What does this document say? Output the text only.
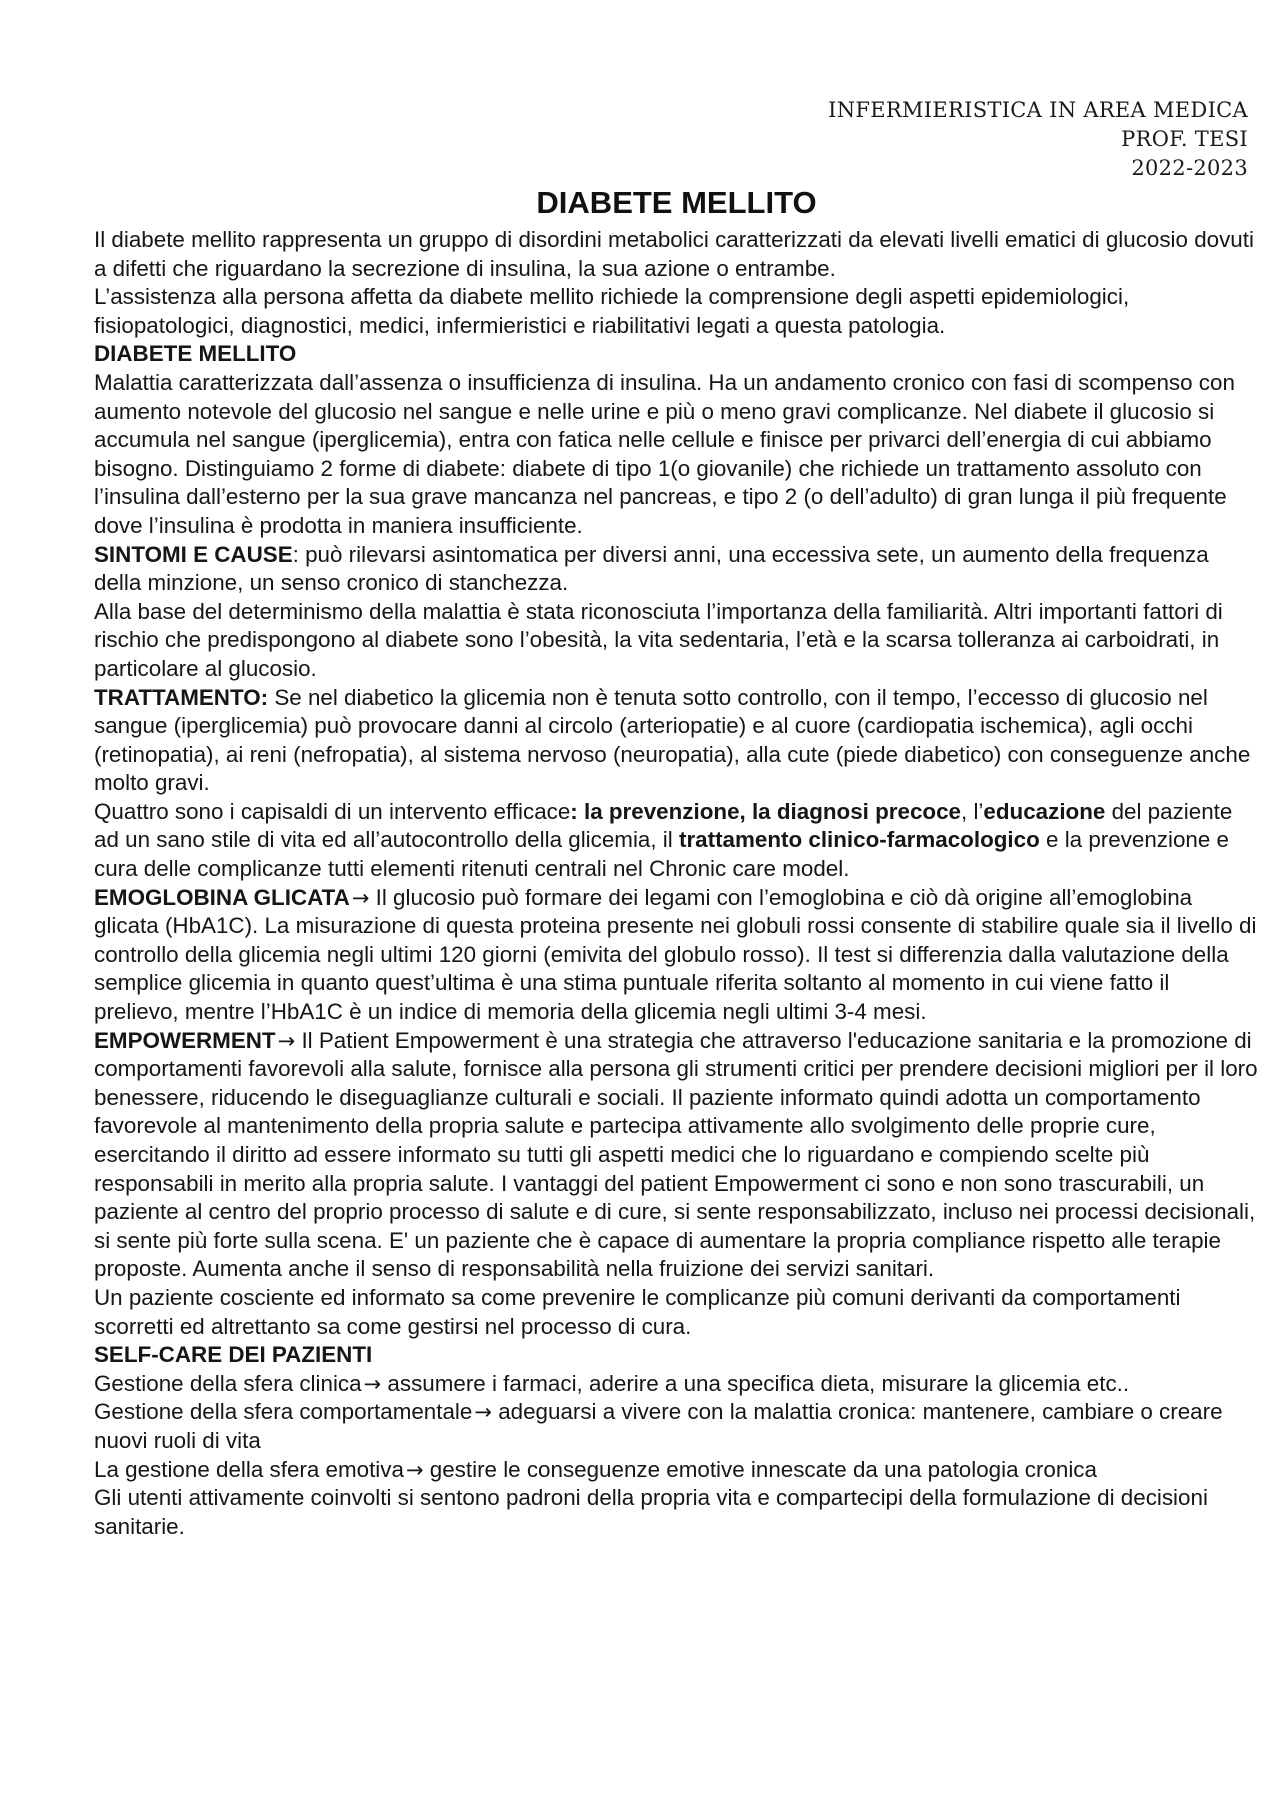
INFERMIERISTICA IN AREA MEDICA
PROF. TESI
2022-2023
DIABETE MELLITO

Il diabete mellito rappresenta un gruppo di disordini metabolici caratterizzati da elevati livelli ematici di glucosio dovuti a difetti che riguardano la secrezione di insulina, la sua azione o entrambe.

L’assistenza alla persona affetta da diabete mellito richiede la comprensione degli aspetti epidemiologici, fisiopatologici, diagnostici, medici, infermieristici e riabilitativi legati a questa patologia.

DIABETE MELLITO

Malattia caratterizzata dall’assenza o insufficienza di insulina. Ha un andamento cronico con fasi di scompenso con aumento notevole del glucosio nel sangue e nelle urine e più o meno gravi complicanze. Nel diabete il glucosio si accumula nel sangue (iperglicemia), entra con fatica nelle cellule e finisce per privarci dell’energia di cui abbiamo bisogno. Distinguiamo 2 forme di diabete: diabete di tipo 1(o giovanile) che richiede un trattamento assoluto con l’insulina dall’esterno per la sua grave mancanza nel pancreas, e tipo 2 (o dell’adulto) di gran lunga il più frequente dove l’insulina è prodotta in maniera insufficiente.

SINTOMI E CAUSE: può rilevarsi asintomatica per diversi anni, una eccessiva sete, un aumento della frequenza della minzione, un senso cronico di stanchezza.

Alla base del determinismo della malattia è stata riconosciuta l’importanza della familiarità. Altri importanti fattori di rischio che predispongono al diabete sono l’obesità, la vita sedentaria, l’età e la scarsa tolleranza ai carboidrati, in particolare al glucosio.

TRATTAMENTO: Se nel diabetico la glicemia non è tenuta sotto controllo, con il tempo, l’eccesso di glucosio nel sangue (iperglicemia) può provocare danni al circolo (arteriopatie) e al cuore (cardiopatia ischemica), agli occhi (retinopatia), ai reni (nefropatia), al sistema nervoso (neuropatia), alla cute (piede diabetico) con conseguenze anche molto gravi.

Quattro sono i capisaldi di un intervento efficace: la prevenzione, la diagnosi precoce, l’educazione del paziente ad un sano stile di vita ed all’autocontrollo della glicemia, il trattamento clinico-farmacologico e la prevenzione e cura delle complicanze tutti elementi ritenuti centrali nel Chronic care model.

EMOGLOBINA GLICATA→ Il glucosio può formare dei legami con l’emoglobina e ciò dà origine all’emoglobina glicata (HbA1C). La misurazione di questa proteina presente nei globuli rossi consente di stabilire quale sia il livello di controllo della glicemia negli ultimi 120 giorni (emivita del globulo rosso). Il test si differenzia dalla valutazione della semplice glicemia in quanto quest’ultima è una stima puntuale riferita soltanto al momento in cui viene fatto il prelievo, mentre l’HbA1C è un indice di memoria della glicemia negli ultimi 3-4 mesi.

EMPOWERMENT→ Il Patient Empowerment è una strategia che attraverso l'educazione sanitaria e la promozione di comportamenti favorevoli alla salute, fornisce alla persona gli strumenti critici per prendere decisioni migliori per il loro benessere, riducendo le diseguaglianze culturali e sociali. Il paziente informato quindi adotta un comportamento favorevole al mantenimento della propria salute e partecipa attivamente allo svolgimento delle proprie cure, esercitando il diritto ad essere informato su tutti gli aspetti medici che lo riguardano e compiendo scelte più responsabili in merito alla propria salute. I vantaggi del patient Empowerment ci sono e non sono trascurabili, un paziente al centro del proprio processo di salute e di cure, si sente responsabilizzato, incluso nei processi decisionali, si sente più forte sulla scena. E' un paziente che è capace di aumentare la propria compliance rispetto alle terapie proposte. Aumenta anche il senso di responsabilità nella fruizione dei servizi sanitari.

Un paziente cosciente ed informato sa come prevenire le complicanze più comuni derivanti da comportamenti scorretti ed altrettanto sa come gestirsi nel processo di cura.

SELF-CARE DEI PAZIENTI

Gestione della sfera clinica→ assumere i farmaci, aderire a una specifica dieta, misurare la glicemia etc..

Gestione della sfera comportamentale→ adeguarsi a vivere con la malattia cronica: mantenere, cambiare o creare nuovi ruoli di vita

La gestione della sfera emotiva→ gestire le conseguenze emotive innescate da una patologia cronica

Gli utenti attivamente coinvolti si sentono padroni della propria vita e compartecipi della formulazione di decisioni sanitarie.
